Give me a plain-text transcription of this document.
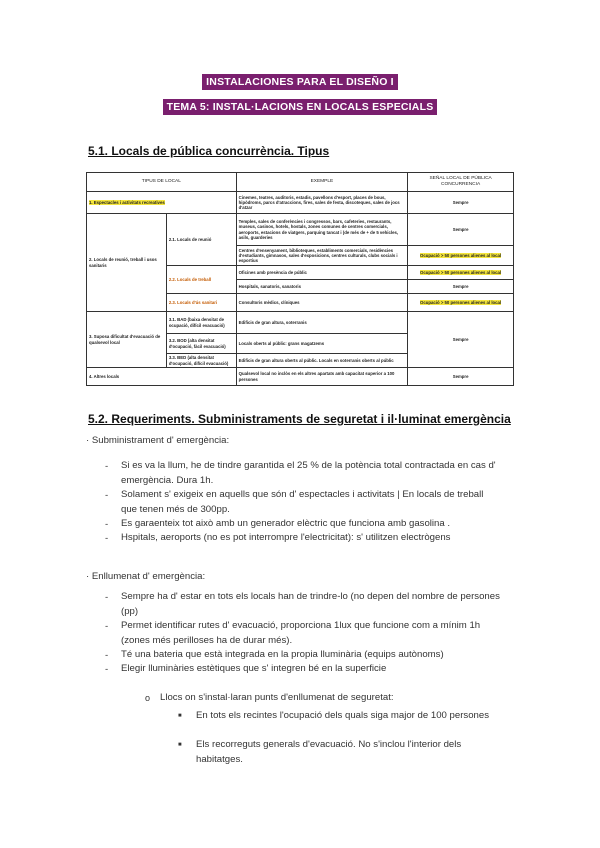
INSTALACIONES PARA EL DISEÑO I
TEMA 5: INSTAL·LACIONS EN LOCALS ESPECIALS
5.1. Locals de pública concurrència. Tipus
TIPUS DE LOCAL		EXEMPLE	SEÑAL LOCAL DE PÚBLICA CONCURRENCIA
1. Espectacles i activitats recreatives		Cinemes, teatres, auditoris, estadis, pavellons d'esport, places de bous, hipòdroms, parcs d'atraccions, fires, sales de festa, discoteques, sales de jocs d'atzar	Sempre
2. Locals de reunió, treball i usos sanitaris	2.1. Locals de reunió	Temples, sales de conferències i congressos, bars, cafeteries, restaurants, museus, casinos, hotels, hostals, zones comunes de centres comercials, aeroports, estacions de viatgers, parquing tancat i (de més de + de 5 vehicles, asils, guarderies	Sempre
		Centres d'ensenyament, biblioteques, establiments comercials, residències d'estudiants, gimnasos, sales d'exposicions, centres culturals, clubs socials i esportius	Ocupació > 50 persones alienes al local
	2.2. Locals de treball	Oficines amb presència de públic	Ocupació > 50 persones alienes al local
		Hospitals, sanatoris, sanatoris	Sempre
	2.3. Locals d'ús sanitari	Consultoris mèdics, clíniques	Ocupació > 50 persones alienes al local
3. Suposa dificultat d'evacuació de qualsevol local	3.1. BAD (baixa densitat de ocupació, difícil evacuació)	Edificis de gran altura, soterranis	Sempre
	3.2. BOD (alta densitat d'ocupació, fàcil evacuació)	Locals oberts al públic: grans magatzems	
	3.3. BED (alta densitat d'ocupació, difícil evacuació)	Edificis de gran altura oberts al públic. Locals en soterranis oberts al públic	
4. Altres locals		Qualsevol local no inclòs en els altres apartats amb capacitat superior a 100 persones	Sempre
5.2. Requeriments. Subministraments de seguretat i il·luminat emergència
· Subministrament d' emergència:
- Si es va la llum, he de tindre garantida el 25 % de la potència total contractada en cas d' emergència. Dura 1h.
- Solament s' exigeix en aquells que són d' espectacles i activitats | En locals de treball que tenen més de 300pp.
- Es garaenteix tot això amb un generador elèctric que funciona amb gasolina .
- Hspitals, aeroports (no es pot interrompre l'electricitat): s' utilitzen electrògens
· Enllumenat d' emergència:
- Sempre ha d' estar en tots els locals han de trindre-lo (no depen del nombre de persones (pp)
- Permet identificar rutes d' evacuació, proporciona 1lux que funcione com a mínim 1h (zones més perilloses ha de durar més).
- Té una bateria que està integrada en la propia lluminària (equips autònoms)
- Elegir lluminàries estètiques que s' integren bé en la superficie
o Llocs on s'instal·laran punts d'enllumenat de seguretat:
■ En tots els recintes l'ocupació dels quals siga major de 100 persones
■ Els recorreguts generals d'evacuació. No s'inclou l'interior dels habitatges.
